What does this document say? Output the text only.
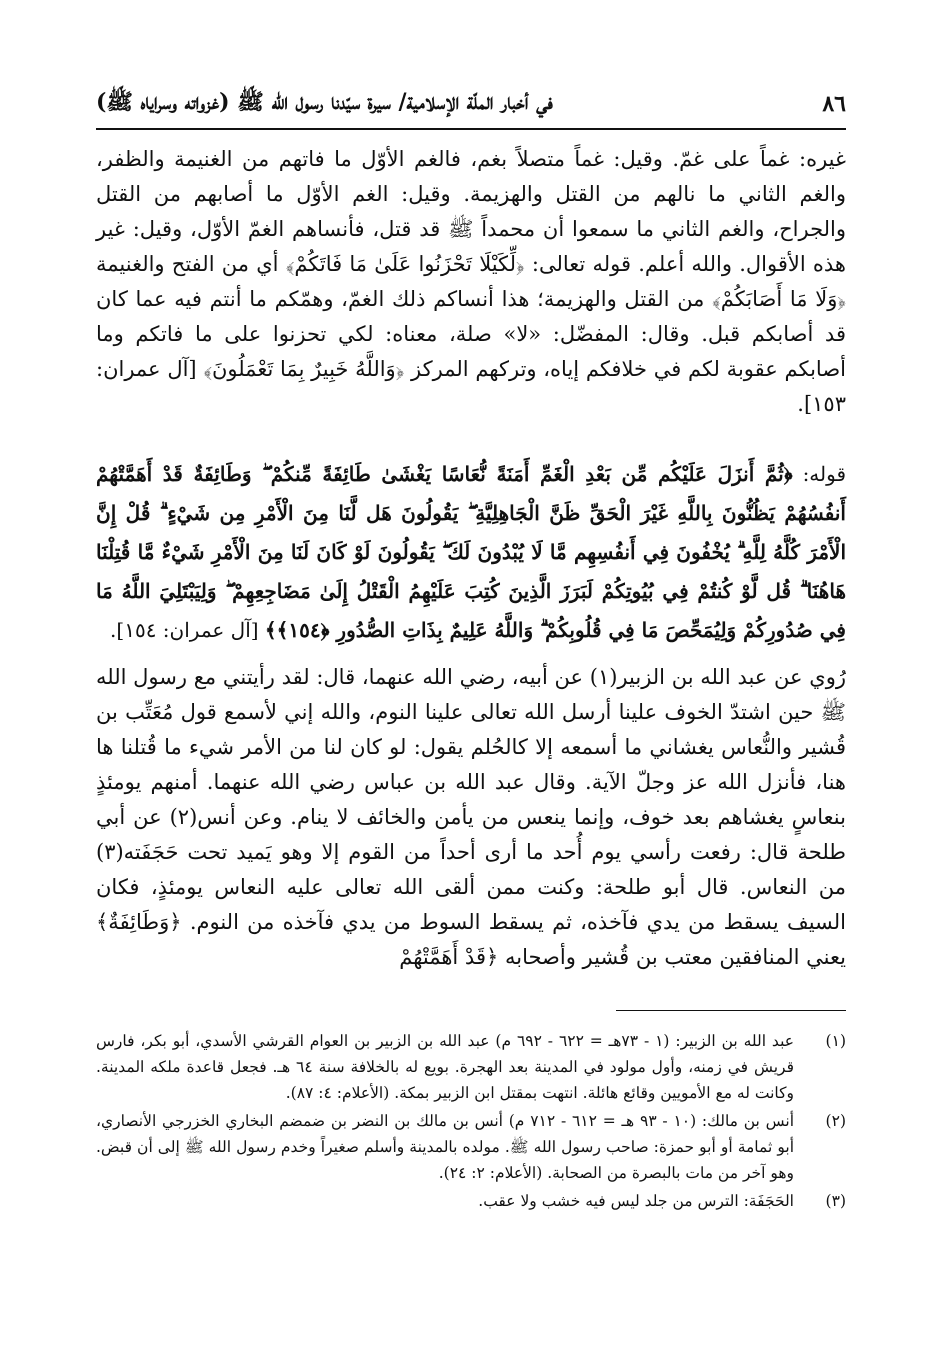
٨٦
في أخبار الملّة الإسلامية/ سيرة سيّدنا رسول الله ﷺ (غزواته وسراياه ﷺ)

غيره: غماً على غمّ. وقيل: غماً متصلاً بغم، فالغم الأوّل ما فاتهم من الغنيمة والظفر، والغم الثاني ما نالهم من القتل والهزيمة. وقيل: الغم الأوّل ما أصابهم من القتل والجراح، والغم الثاني ما سمعوا أن محمداً ﷺ قد قتل، فأنساهم الغمّ الأوّل، وقيل: غير هذه الأقوال. والله أعلم. قوله تعالى: ﴿لِّكَيْلَا تَحْزَنُوا عَلَىٰ مَا فَاتَكُمْ﴾ أي من الفتح والغنيمة ﴿وَلَا مَا أَصَابَكُمْ﴾ من القتل والهزيمة؛ هذا أنساكم ذلك الغمّ، وهمّكم ما أنتم فيه عما كان قد أصابكم قبل. وقال: المفضّل: «لا» صلة، معناه: لكي تحزنوا على ما فاتكم وما أصابكم عقوبة لكم في خلافكم إياه، وتركهم المركز ﴿وَاللَّهُ خَبِيرٌ بِمَا تَعْمَلُونَ﴾ [آل عمران: ١٥٣].

قوله: ﴿ثُمَّ أَنزَلَ عَلَيْكُم مِّن بَعْدِ الْغَمِّ أَمَنَةً نُّعَاسًا يَغْشَىٰ طَائِفَةً مِّنكُمْ ۖ وَطَائِفَةٌ قَدْ أَهَمَّتْهُمْ أَنفُسُهُمْ يَظُنُّونَ بِاللَّهِ غَيْرَ الْحَقِّ ظَنَّ الْجَاهِلِيَّةِ ۖ يَقُولُونَ هَل لَّنَا مِنَ الْأَمْرِ مِن شَيْءٍ ۗ قُلْ إِنَّ الْأَمْرَ كُلَّهُ لِلَّهِ ۗ يُخْفُونَ فِي أَنفُسِهِم مَّا لَا يُبْدُونَ لَكَ ۖ يَقُولُونَ لَوْ كَانَ لَنَا مِنَ الْأَمْرِ شَيْءٌ مَّا قُتِلْنَا هَاهُنَا ۗ قُل لَّوْ كُنتُمْ فِي بُيُوتِكُمْ لَبَرَزَ الَّذِينَ كُتِبَ عَلَيْهِمُ الْقَتْلُ إِلَىٰ مَضَاجِعِهِمْ ۖ وَلِيَبْتَلِيَ اللَّهُ مَا فِي صُدُورِكُمْ وَلِيُمَحِّصَ مَا فِي قُلُوبِكُمْ ۗ وَاللَّهُ عَلِيمٌ بِذَاتِ الصُّدُورِ ﴿١٥٤﴾﴾ [آل عمران: ١٥٤].

رُوي عن عبد الله بن الزبير(١) عن أبيه، رضي الله عنهما، قال: لقد رأيتني مع رسول الله ﷺ حين اشتدّ الخوف علينا أرسل الله تعالى علينا النوم، والله إني لأسمع قول مُعَتِّب بن قُشير والنُّعاس يغشاني ما أسمعه إلا كالحُلم يقول: لو كان لنا من الأمر شيء ما قُتلنا ها هنا، فأنزل الله عز وجلّ الآية. وقال عبد الله بن عباس رضي الله عنهما. أمنهم يومئذٍ بنعاسٍ يغشاهم بعد خوف، وإنما ينعس من يأمن والخائف لا ينام. وعن أنس(٢) عن أبي طلحة قال: رفعت رأسي يوم أُحد ما أرى أحداً من القوم إلا وهو يَميد تحت حَجَفَته(٣) من النعاس. قال أبو طلحة: وكنت ممن ألقى الله تعالى عليه النعاس يومئذٍ، فكان السيف يسقط من يدي فآخذه، ثم يسقط السوط من يدي فآخذه من النوم. ﴿وَطَائِفَةٌ﴾ يعني المنافقين معتب بن قُشير وأصحابه ﴿قَدْ أَهَمَّتْهُمْ

(١)
عبد الله بن الزبير: (١ - ٧٣هـ = ٦٢٢ - ٦٩٢ م) عبد الله بن الزبير بن العوام القرشي الأسدي، أبو بكر، فارس قريش في زمنه، وأول مولود في المدينة بعد الهجرة. بويع له بالخلافة سنة ٦٤ هـ. فجعل قاعدة ملكه المدينة. وكانت له مع الأمويين وقائع هائلة. انتهت بمقتل ابن الزبير بمكة. (الأعلام: ٤: ٨٧).
(٢)
أنس بن مالك: (١٠ - ٩٣ هـ = ٦١٢ - ٧١٢ م) أنس بن مالك بن النضر بن ضمضم البخاري الخزرجي الأنصاري، أبو ثمامة أو أبو حمزة: صاحب رسول الله ﷺ. مولده بالمدينة وأسلم صغيراً وخدم رسول الله ﷺ إلى أن قبض. وهو آخر من مات بالبصرة من الصحابة. (الأعلام: ٢: ٢٤).
(٣)
الحَجَفَة: الترس من جلد ليس فيه خشب ولا عقب.
